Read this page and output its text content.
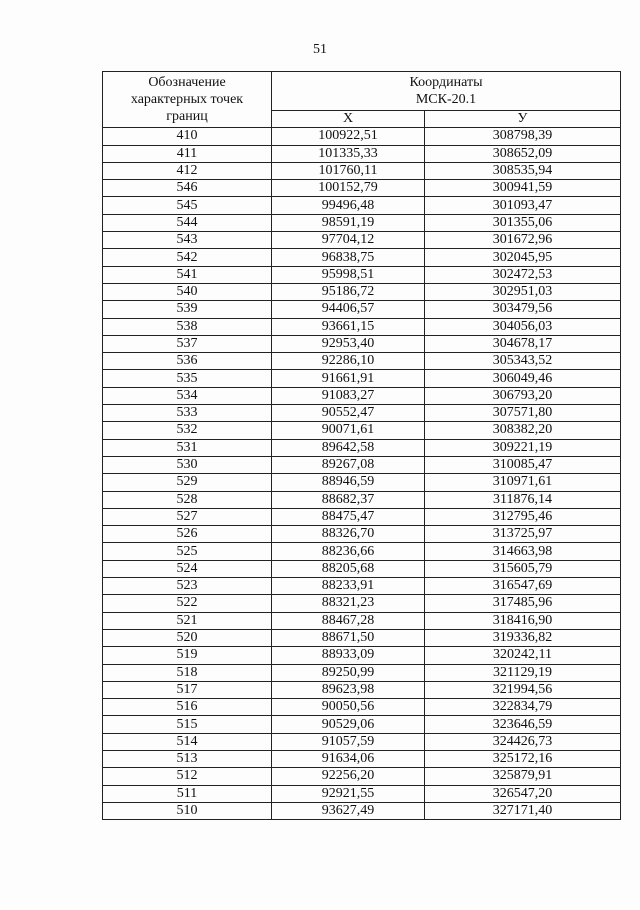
51
Обозначение
характерных точек
границ	Координаты
МСК-20.1	

	X	У
410	100922,51	308798,39
411	101335,33	308652,09
412	101760,11	308535,94
546	100152,79	300941,59
545	99496,48	301093,47
544	98591,19	301355,06
543	97704,12	301672,96
542	96838,75	302045,95
541	95998,51	302472,53
540	95186,72	302951,03
539	94406,57	303479,56
538	93661,15	304056,03
537	92953,40	304678,17
536	92286,10	305343,52
535	91661,91	306049,46
534	91083,27	306793,20
533	90552,47	307571,80
532	90071,61	308382,20
531	89642,58	309221,19
530	89267,08	310085,47
529	88946,59	310971,61
528	88682,37	311876,14
527	88475,47	312795,46
526	88326,70	313725,97
525	88236,66	314663,98
524	88205,68	315605,79
523	88233,91	316547,69
522	88321,23	317485,96
521	88467,28	318416,90
520	88671,50	319336,82
519	88933,09	320242,11
518	89250,99	321129,19
517	89623,98	321994,56
516	90050,56	322834,79
515	90529,06	323646,59
514	91057,59	324426,73
513	91634,06	325172,16
512	92256,20	325879,91
511	92921,55	326547,20
510	93627,49	327171,40
